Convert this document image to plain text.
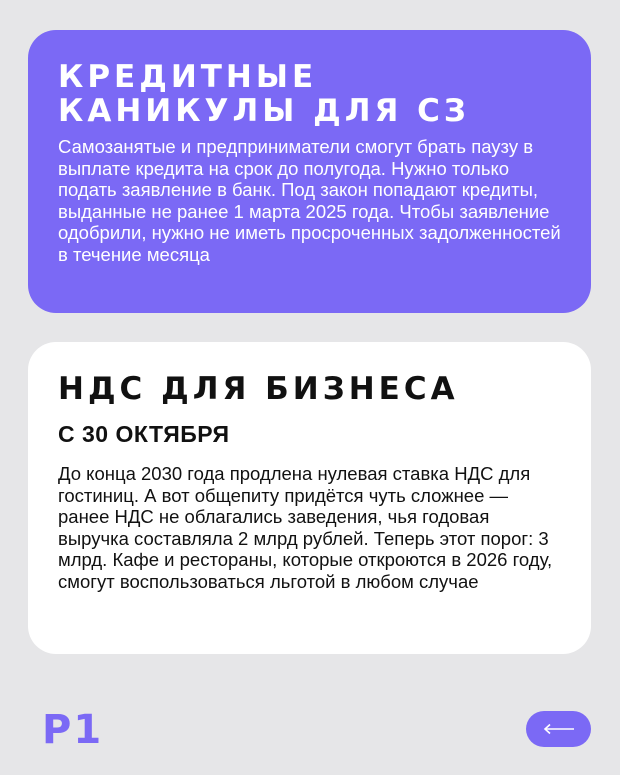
КРЕДИТНЫЕ
КАНИКУЛЫ ДЛЯ СЗ

Самозанятые и предприниматели смогут брать паузу в выплате кредита на срок до полугода. Нужно только подать заявление в банк. Под закон попадают кредиты, выданные не ранее 1 марта 2025 года. Чтобы заявление одобрили, нужно не иметь просроченных задолженностей в течение месяца

НДС ДЛЯ БИЗНЕСА
С 30 ОКТЯБРЯ

До конца 2030 года продлена нулевая ставка НДС для гостиниц. А вот общепиту придётся чуть сложнее — ранее НДС не облагались заведения, чья годовая выручка составляла 2 млрд рублей. Теперь этот порог: 3 млрд. Кафе и рестораны, которые откроются в 2026 году, смогут воспользоваться льготой в любом случае

P1
